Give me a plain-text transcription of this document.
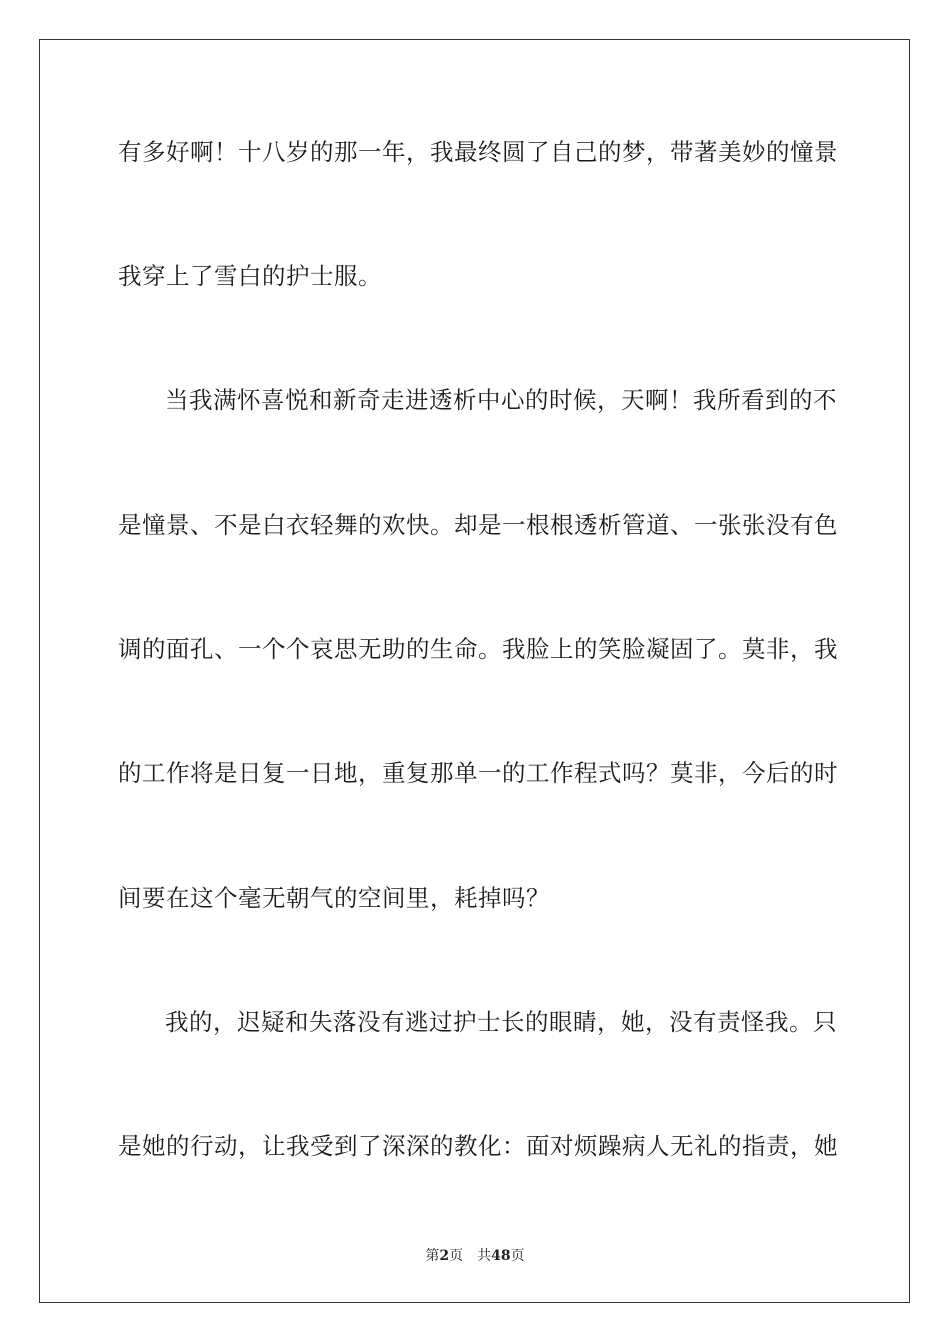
有多好啊！十八岁的那一年，我最终圆了自己的梦，带著美妙的憧景
我穿上了雪白的护士服。
当我满怀喜悦和新奇走进透析中心的时候，天啊！我所看到的不
是憧景、不是白衣轻舞的欢快。却是一根根透析管道、一张张没有色
调的面孔、一个个哀思无助的生命。我脸上的笑脸凝固了。莫非，我
的工作将是日复一日地，重复那单一的工作程式吗？莫非，今后的时
间要在这个毫无朝气的空间里，耗掉吗？
我的，迟疑和失落没有逃过护士长的眼睛，她，没有责怪我。只
是她的行动，让我受到了深深的教化：面对烦躁病人无礼的指责，她
第2页 共48页
